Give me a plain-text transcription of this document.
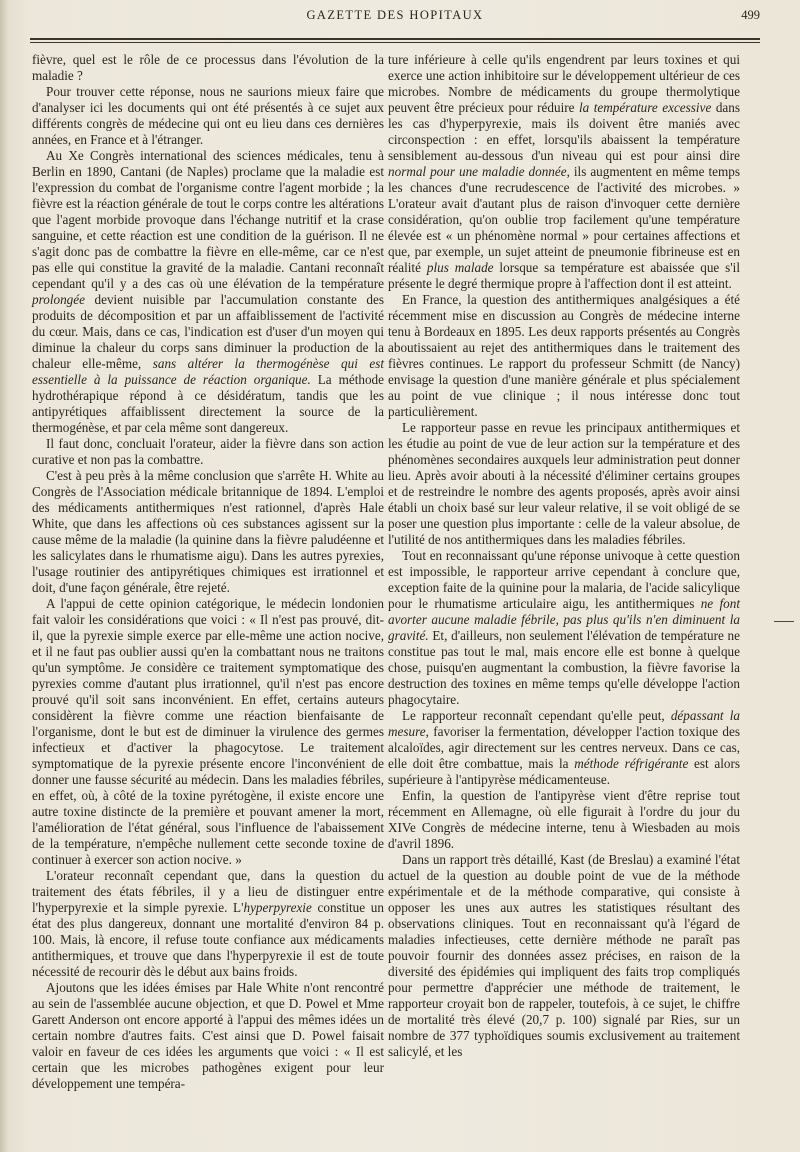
GAZETTE DES HOPITAUX	499

fièvre, quel est le rôle de ce processus dans l'évolution de la maladie ?

Pour trouver cette réponse, nous ne saurions mieux faire que d'analyser ici les documents qui ont été présentés à ce sujet aux différents congrès de médecine qui ont eu lieu dans ces dernières années, en France et à l'étranger.

Au Xe Congrès international des sciences médicales, tenu à Berlin en 1890, Cantani (de Naples) proclame que la maladie est l'expression du combat de l'organisme contre l'agent morbide ; la fièvre est la réaction générale de tout le corps contre les altérations que l'agent morbide provoque dans l'échange nutritif et la crase sanguine, et cette réaction est une condition de la guérison. Il ne s'agit donc pas de combattre la fièvre en elle-même, car ce n'est pas elle qui constitue la gravité de la maladie. Cantani reconnaît cependant qu'il y a des cas où une élévation de la température prolongée devient nuisible par l'accumulation constante des produits de décomposition et par un affaiblissement de l'activité du cœur. Mais, dans ce cas, l'indication est d'user d'un moyen qui diminue la chaleur du corps sans diminuer la production de la chaleur elle-même, sans altérer la thermogénèse qui est essentielle à la puissance de réaction organique. La méthode hydrothérapique répond à ce désidératum, tandis que les antipyrétiques affaiblissent directement la source de la thermogénèse, et par cela même sont dangereux.

Il faut donc, concluait l'orateur, aider la fièvre dans son action curative et non pas la combattre.

C'est à peu près à la même conclusion que s'arrête H. White au Congrès de l'Association médicale britannique de 1894. L'emploi des médicaments antithermiques n'est rationnel, d'après Hale White, que dans les affections où ces substances agissent sur la cause même de la maladie (la quinine dans la fièvre paludéenne et les salicylates dans le rhumatisme aigu). Dans les autres pyrexies, l'usage routinier des antipyrétiques chimiques est irrationnel et doit, d'une façon générale, être rejeté.

A l'appui de cette opinion catégorique, le médecin londonien fait valoir les considérations que voici : « Il n'est pas prouvé, dit-il, que la pyrexie simple exerce par elle-même une action nocive, et il ne faut pas oublier aussi qu'en la combattant nous ne traitons qu'un symptôme. Je considère ce traitement symptomatique des pyrexies comme d'autant plus irrationnel, qu'il n'est pas encore prouvé qu'il soit sans inconvénient. En effet, certains auteurs considèrent la fièvre comme une réaction bienfaisante de l'organisme, dont le but est de diminuer la virulence des germes infectieux et d'activer la phagocytose. Le traitement symptomatique de la pyrexie présente encore l'inconvénient de donner une fausse sécurité au médecin. Dans les maladies fébriles, en effet, où, à côté de la toxine pyrétogène, il existe encore une autre toxine distincte de la première et pouvant amener la mort, l'amélioration de l'état général, sous l'influence de l'abaissement de la température, n'empêche nullement cette seconde toxine de continuer à exercer son action nocive. »

L'orateur reconnaît cependant que, dans la question du traitement des états fébriles, il y a lieu de distinguer entre l'hyperpyrexie et la simple pyrexie. L'hyperpyrexie constitue un état des plus dangereux, donnant une mortalité d'environ 84 p. 100. Mais, là encore, il refuse toute confiance aux médicaments antithermiques, et trouve que dans l'hyperpyrexie il est de toute nécessité de recourir dès le début aux bains froids.

Ajoutons que les idées émises par Hale White n'ont rencontré au sein de l'assemblée aucune objection, et que D. Powel et Mme Garett Anderson ont encore apporté à l'appui des mêmes idées un certain nombre d'autres faits. C'est ainsi que D. Powel faisait valoir en faveur de ces idées les arguments que voici : « Il est certain que les microbes pathogènes exigent pour leur développement une tempéra-

ture inférieure à celle qu'ils engendrent par leurs toxines et qui exerce une action inhibitoire sur le développement ultérieur de ces microbes. Nombre de médicaments du groupe thermolytique peuvent être précieux pour réduire la température excessive dans les cas d'hyperpyrexie, mais ils doivent être maniés avec circonspection : en effet, lorsqu'ils abaissent la température sensiblement au-dessous d'un niveau qui est pour ainsi dire normal pour une maladie donnée, ils augmentent en même temps les chances d'une recrudescence de l'activité des microbes. » L'orateur avait d'autant plus de raison d'invoquer cette dernière considération, qu'on oublie trop facilement qu'une température élevée est « un phénomène normal » pour certaines affections et que, par exemple, un sujet atteint de pneumonie fibrineuse est en réalité plus malade lorsque sa température est abaissée que s'il présente le degré thermique propre à l'affection dont il est atteint.

En France, la question des antithermiques analgésiques a été récemment mise en discussion au Congrès de médecine interne tenu à Bordeaux en 1895. Les deux rapports présentés au Congrès aboutissaient au rejet des antithermiques dans le traitement des fièvres continues. Le rapport du professeur Schmitt (de Nancy) envisage la question d'une manière générale et plus spécialement au point de vue clinique ; il nous intéresse donc tout particulièrement.

Le rapporteur passe en revue les principaux antithermiques et les étudie au point de vue de leur action sur la température et des phénomènes secondaires auxquels leur administration peut donner lieu. Après avoir abouti à la nécessité d'éliminer certains groupes et de restreindre le nombre des agents proposés, après avoir ainsi établi un choix basé sur leur valeur relative, il se voit obligé de se poser une question plus importante : celle de la valeur absolue, de l'utilité de nos antithermiques dans les maladies fébriles.

Tout en reconnaissant qu'une réponse univoque à cette question est impossible, le rapporteur arrive cependant à conclure que, exception faite de la quinine pour la malaria, de l'acide salicylique pour le rhumatisme articulaire aigu, les antithermiques ne font avorter aucune maladie fébrile, pas plus qu'ils n'en diminuent la gravité. Et, d'ailleurs, non seulement l'élévation de température ne constitue pas tout le mal, mais encore elle est bonne à quelque chose, puisqu'en augmentant la combustion, la fièvre favorise la destruction des toxines en même temps qu'elle développe l'action phagocytaire.

Le rapporteur reconnaît cependant qu'elle peut, dépassant la mesure, favoriser la fermentation, développer l'action toxique des alcaloïdes, agir directement sur les centres nerveux. Dans ce cas, elle doit être combattue, mais la méthode réfrigérante est alors supérieure à l'antipyrèse médicamenteuse.

Enfin, la question de l'antipyrèse vient d'être reprise tout récemment en Allemagne, où elle figurait à l'ordre du jour du XIVe Congrès de médecine interne, tenu à Wiesbaden au mois d'avril 1896.

Dans un rapport très détaillé, Kast (de Breslau) a examiné l'état actuel de la question au double point de vue de la méthode expérimentale et de la méthode comparative, qui consiste à opposer les unes aux autres les statistiques résultant des observations cliniques. Tout en reconnaissant qu'à l'égard de maladies infectieuses, cette dernière méthode ne paraît pas pouvoir fournir des données assez précises, en raison de la diversité des épidémies qui impliquent des faits trop compliqués pour permettre d'apprécier une méthode de traitement, le rapporteur croyait bon de rappeler, toutefois, à ce sujet, le chiffre de mortalité très élevé (20,7 p. 100) signalé par Ries, sur un nombre de 377 typhoïdiques soumis exclusivement au traitement salicylé, et les
